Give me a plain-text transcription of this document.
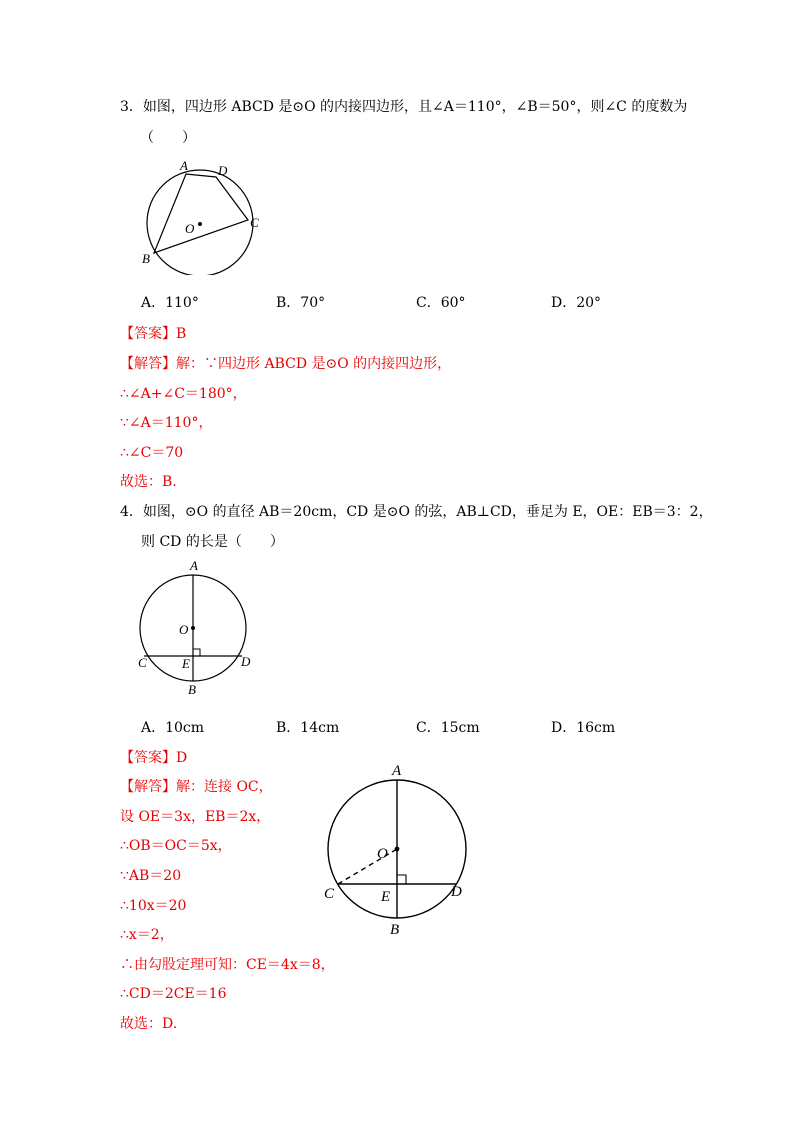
3．如图，四边形 ABCD 是⊙O 的内接四边形，且∠A＝110°，∠B＝50°，则∠C 的度数为
（　　）
A D
C
O
B
A．110°	B．70°	C．60°	D．20°
【答案】B
【解答】解：∵四边形 ABCD 是⊙O 的内接四边形，
∴∠A+∠C＝180°，
∵∠A＝110°，
∴∠C＝70
故选：B.
4．如图，⊙O 的直径 AB＝20cm，CD 是⊙O 的弦，AB⊥CD，垂足为 E，OE：EB＝3：2，
则 CD 的长是（　　）
A
O
C	E	D
B
A．10cm	B．14cm	C．15cm	D．16cm
【答案】D
【解答】解：连接 OC，
设 OE＝3x，EB＝2x，
∴OB＝OC＝5x，
∵AB＝20
∴10x＝20
∴x＝2，
∴由勾股定理可知：CE＝4x＝8，
∴CD＝2CE＝16
故选：D.
A
O
C	E	D
B
